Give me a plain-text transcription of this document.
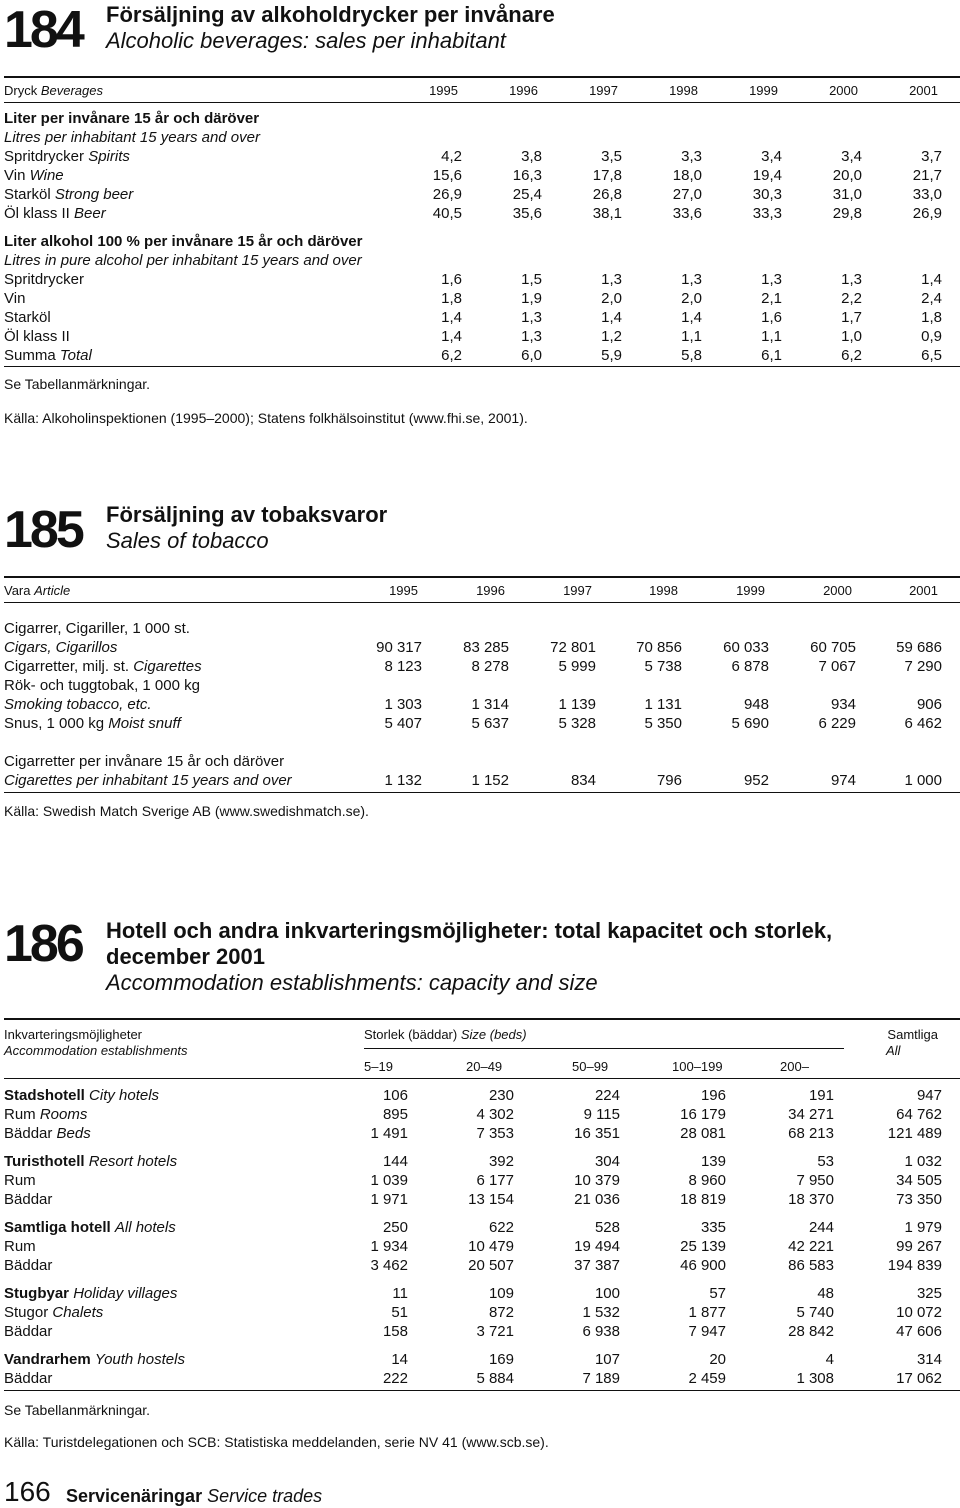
184 Försäljning av alkoholdrycker per invånare
Alcoholic beverages: sales per inhabitant
Dryck Beverages	1995	1996	1997	1998	1999	2000	2001
Liter per invånare 15 år och däröver
Litres per inhabitant 15 years and over
Spritdrycker Spirits	4,2	3,8	3,5	3,3	3,4	3,4	3,7
Vin Wine	15,6	16,3	17,8	18,0	19,4	20,0	21,7
Starköl Strong beer	26,9	25,4	26,8	27,0	30,3	31,0	33,0
Öl klass II Beer	40,5	35,6	38,1	33,6	33,3	29,8	26,9
Liter alkohol 100 % per invånare 15 år och däröver
Litres in pure alcohol per inhabitant 15 years and over
Spritdrycker	1,6	1,5	1,3	1,3	1,3	1,3	1,4
Vin	1,8	1,9	2,0	2,0	2,1	2,2	2,4
Starköl	1,4	1,3	1,4	1,4	1,6	1,7	1,8
Öl klass II	1,4	1,3	1,2	1,1	1,1	1,0	0,9
Summa Total	6,2	6,0	5,9	5,8	6,1	6,2	6,5
Se Tabellanmärkningar.
Källa: Alkoholinspektionen (1995–2000); Statens folkhälsoinstitut (www.fhi.se, 2001).
185 Försäljning av tobaksvaror
Sales of tobacco
Vara Article	1995	1996	1997	1998	1999	2000	2001
Cigarrer, Cigariller, 1 000 st.
Cigars, Cigarillos	90 317	83 285	72 801	70 856	60 033	60 705	59 686
Cigarretter, milj. st. Cigarettes	8 123	8 278	5 999	5 738	6 878	7 067	7 290
Rök- och tuggtobak, 1 000 kg
Smoking tobacco, etc.	1 303	1 314	1 139	1 131	948	934	906
Snus, 1 000 kg Moist snuff	5 407	5 637	5 328	5 350	5 690	6 229	6 462
Cigarretter per invånare 15 år och däröver
Cigarettes per inhabitant 15 years and over	1 132	1 152	834	796	952	974	1 000
Källa: Swedish Match Sverige AB (www.swedishmatch.se).
186 Hotell och andra inkvarteringsmöjligheter: total kapacitet och storlek,
december 2001
Accommodation establishments: capacity and size
Inkvarteringsmöjligheter	Storlek (bäddar) Size (beds)	Samtliga
Accommodation establishments	All
5–19	20–49	50–99	100–199	200–
Stadshotell City hotels	106	230	224	196	191	947
Rum Rooms	895	4 302	9 115	16 179	34 271	64 762
Bäddar Beds	1 491	7 353	16 351	28 081	68 213	121 489
Turisthotell Resort hotels	144	392	304	139	53	1 032
Rum	1 039	6 177	10 379	8 960	7 950	34 505
Bäddar	1 971	13 154	21 036	18 819	18 370	73 350
Samtliga hotell All hotels	250	622	528	335	244	1 979
Rum	1 934	10 479	19 494	25 139	42 221	99 267
Bäddar	3 462	20 507	37 387	46 900	86 583	194 839
Stugbyar Holiday villages	11	109	100	57	48	325
Stugor Chalets	51	872	1 532	1 877	5 740	10 072
Bäddar	158	3 721	6 938	7 947	28 842	47 606
Vandrarhem Youth hostels	14	169	107	20	4	314
Bäddar	222	5 884	7 189	2 459	1 308	17 062
Se Tabellanmärkningar.
Källa: Turistdelegationen och SCB: Statistiska meddelanden, serie NV 41 (www.scb.se).
166 Servicenäringar Service trades
